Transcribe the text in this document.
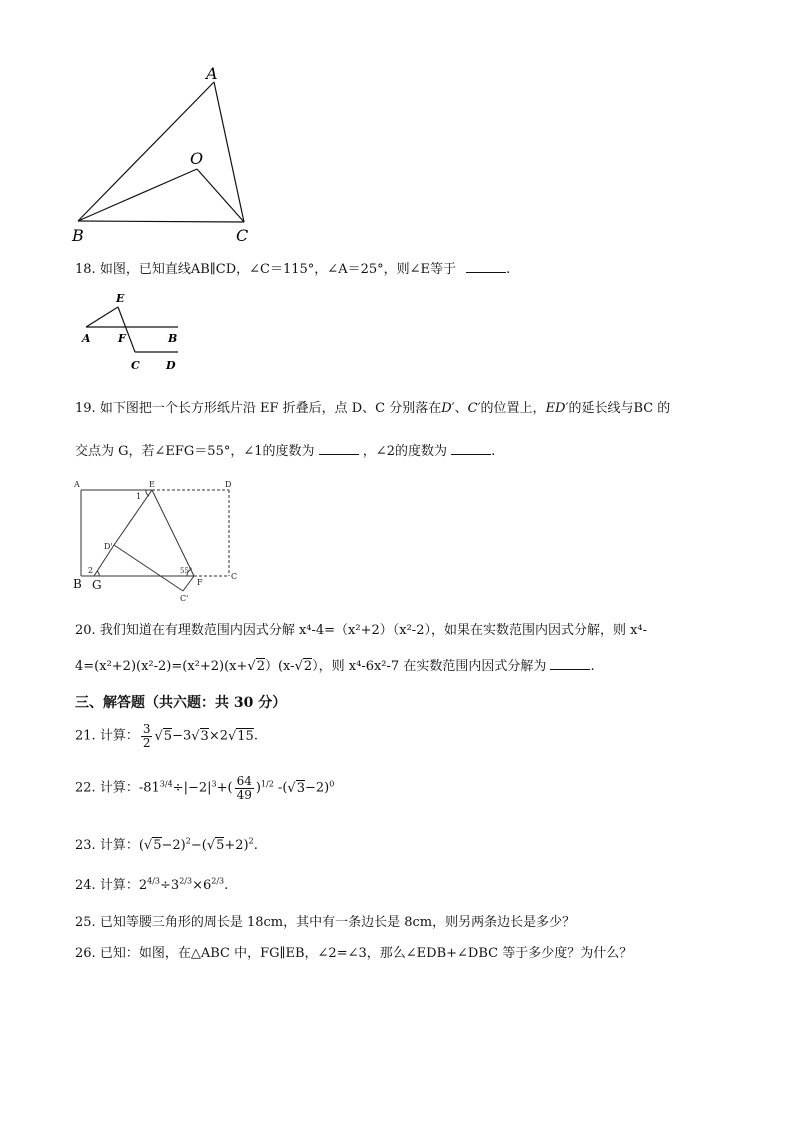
A
O
B	C
18. 如图，已知直线AB∥CD，∠C＝115°，∠A＝25°，则∠E等于	.
E
A F	B
C D
19. 如下图把一个长方形纸片沿 EF 折叠后，点 D、C 分别落在D′、C′的位置上，ED′的延长线与BC 的
交点为 G，若∠EFG＝55°，∠1的度数为	，∠2的度数为	.
A	E	D
1
D'
2	55°
F
C
C'
B G
20. 我们知道在有理数范围内因式分解 x⁴-4=（x²+2）（x²-2），如果在实数范围内因式分解，则 x⁴-
4=(x²+2)(x²-2)=(x²+2)(x+ √ 2）(x- √ 2），则 x⁴-6x²-7 在实数范围内因式分解为	.
三、解答题（共六题：共 30 分）
21. 计算： $\frac{3}{2}$ √ 5−3 √ 3×2 √ 15.
22. 计算：$-81^{3/4}\div|-2|^3+( \frac{64}{49} )^{1/2}$ -( √ 3−2)$^0$
23. 计算：( √ 5−2)$^2$−( √ 5+2)$^2$.
24. 计算：$2^{4/3}\div 3^{2/3}\times 6^{2/3}$.
25. 已知等腰三角形的周长是 18cm，其中有一条边长是 8cm，则另两条边长是多少？
26. 已知：如图，在△ABC 中，FG∥EB，∠2=∠3，那么∠EDB+∠DBC 等于多少度？为什么？
